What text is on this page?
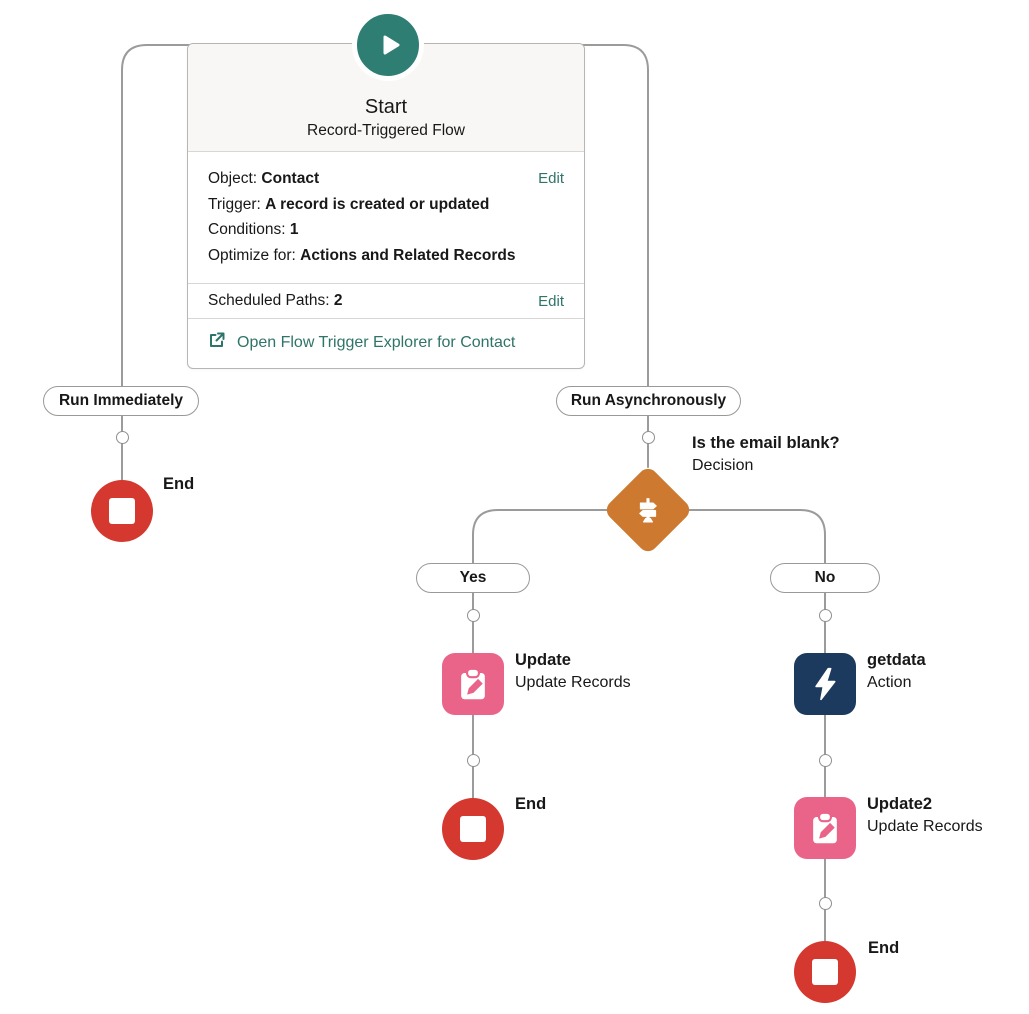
Start
Record-Triggered Flow
Object: Contact	Edit
Trigger: A record is created or updated
Conditions: 1
Optimize for: Actions and Related Records
Scheduled Paths: 2	Edit
Open Flow Trigger Explorer for Contact
Run Immediately	Run Asynchronously
Yes	No
End
Is the email blank?
Decision
Update
Update Records
End
getdata
Action
Update2
Update Records
End
